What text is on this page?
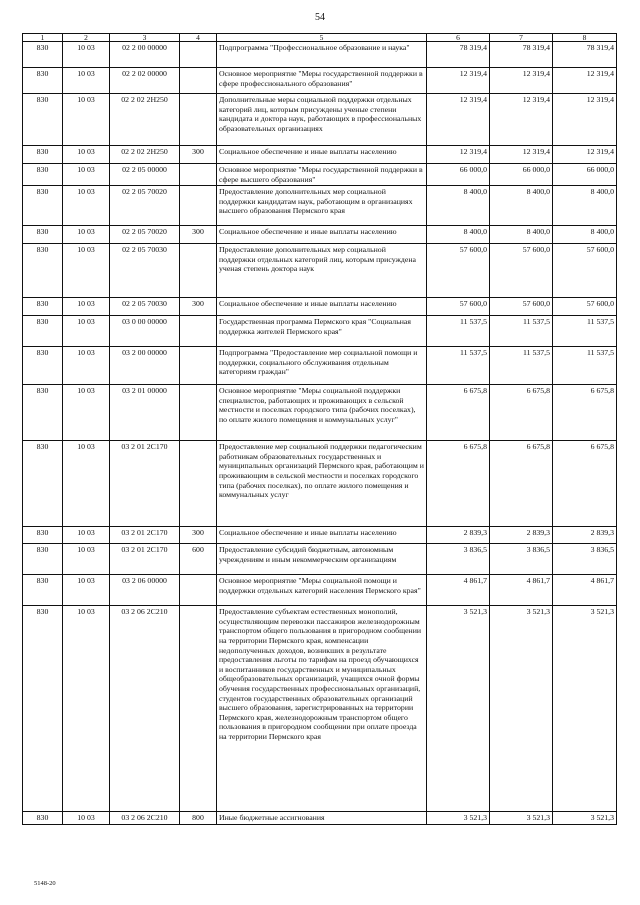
54
1	2	3	4	5	6	7	8
830	10 03	02 2 00 00000		Подпрограмма "Профессиональное образование и наука"	78 319,4	78 319,4	78 319,4
830	10 03	02 2 02 00000		Основное мероприятие "Меры государственной поддержки в сфере профессионального образования"	12 319,4	12 319,4	12 319,4
830	10 03	02 2 02 2Н250		Дополнительные меры социальной поддержки отдельных категорий лиц, которым присуждены ученые степени кандидата и доктора наук, работающих в профессиональных образовательных организациях	12 319,4	12 319,4	12 319,4
830	10 03	02 2 02 2Н250	300	Социальное обеспечение и иные выплаты населению	12 319,4	12 319,4	12 319,4
830	10 03	02 2 05 00000		Основное мероприятие "Меры государственной поддержки в сфере высшего образования"	66 000,0	66 000,0	66 000,0
830	10 03	02 2 05 70020		Предоставление дополнительных мер социальной поддержки кандидатам наук, работающим в организациях высшего образования Пермского края	8 400,0	8 400,0	8 400,0
830	10 03	02 2 05 70020	300	Социальное обеспечение и иные выплаты населению	8 400,0	8 400,0	8 400,0
830	10 03	02 2 05 70030		Предоставление дополнительных мер социальной поддержки отдельных категорий лиц, которым присуждена ученая степень доктора наук	57 600,0	57 600,0	57 600,0
830	10 03	02 2 05 70030	300	Социальное обеспечение и иные выплаты населению	57 600,0	57 600,0	57 600,0
830	10 03	03 0 00 00000		Государственная программа Пермского края "Социальная поддержка жителей Пермского края"	11 537,5	11 537,5	11 537,5
830	10 03	03 2 00 00000		Подпрограмма "Предоставление мер социальной помощи и поддержки, социального обслуживания отдельным категориям граждан"	11 537,5	11 537,5	11 537,5
830	10 03	03 2 01 00000		Основное мероприятие "Меры социальной поддержки специалистов, работающих и проживающих в сельской местности и поселках городского типа (рабочих поселках), по оплате жилого помещения и коммунальных услуг"	6 675,8	6 675,8	6 675,8
830	10 03	03 2 01 2С170		Предоставление мер социальной поддержки педагогическим работникам образовательных государственных и муниципальных организаций Пермского края, работающим и проживающим в сельской местности и поселках городского типа (рабочих поселках), по оплате жилого помещения и коммунальных услуг	6 675,8	6 675,8	6 675,8
830	10 03	03 2 01 2С170	300	Социальное обеспечение и иные выплаты населению	2 839,3	2 839,3	2 839,3
830	10 03	03 2 01 2С170	600	Предоставление субсидий бюджетным, автономным учреждениям и иным некоммерческим организациям	3 836,5	3 836,5	3 836,5
830	10 03	03 2 06 00000		Основное мероприятие "Меры социальной помощи и поддержки отдельных категорий населения Пермского края"	4 861,7	4 861,7	4 861,7
830	10 03	03 2 06 2С210		Предоставление субъектам естественных монополий, осуществляющим перевозки пассажиров железнодорожным транспортом общего пользования в пригородном сообщении на территории Пермского края, компенсации недополученных доходов, возникших в результате предоставления льготы по тарифам на проезд обучающихся и воспитанников государственных и муниципальных общеобразовательных организаций, учащихся очной формы обучения государственных профессиональных организаций, студентов государственных образовательных организаций высшего образования, зарегистрированных на территории Пермского края, железнодорожным транспортом общего пользования в пригородном сообщении при оплате проезда на территории Пермского края	3 521,3	3 521,3	3 521,3
830	10 03	03 2 06 2С210	800	Иные бюджетные ассигнования	3 521,3	3 521,3	3 521,3
5148-20
